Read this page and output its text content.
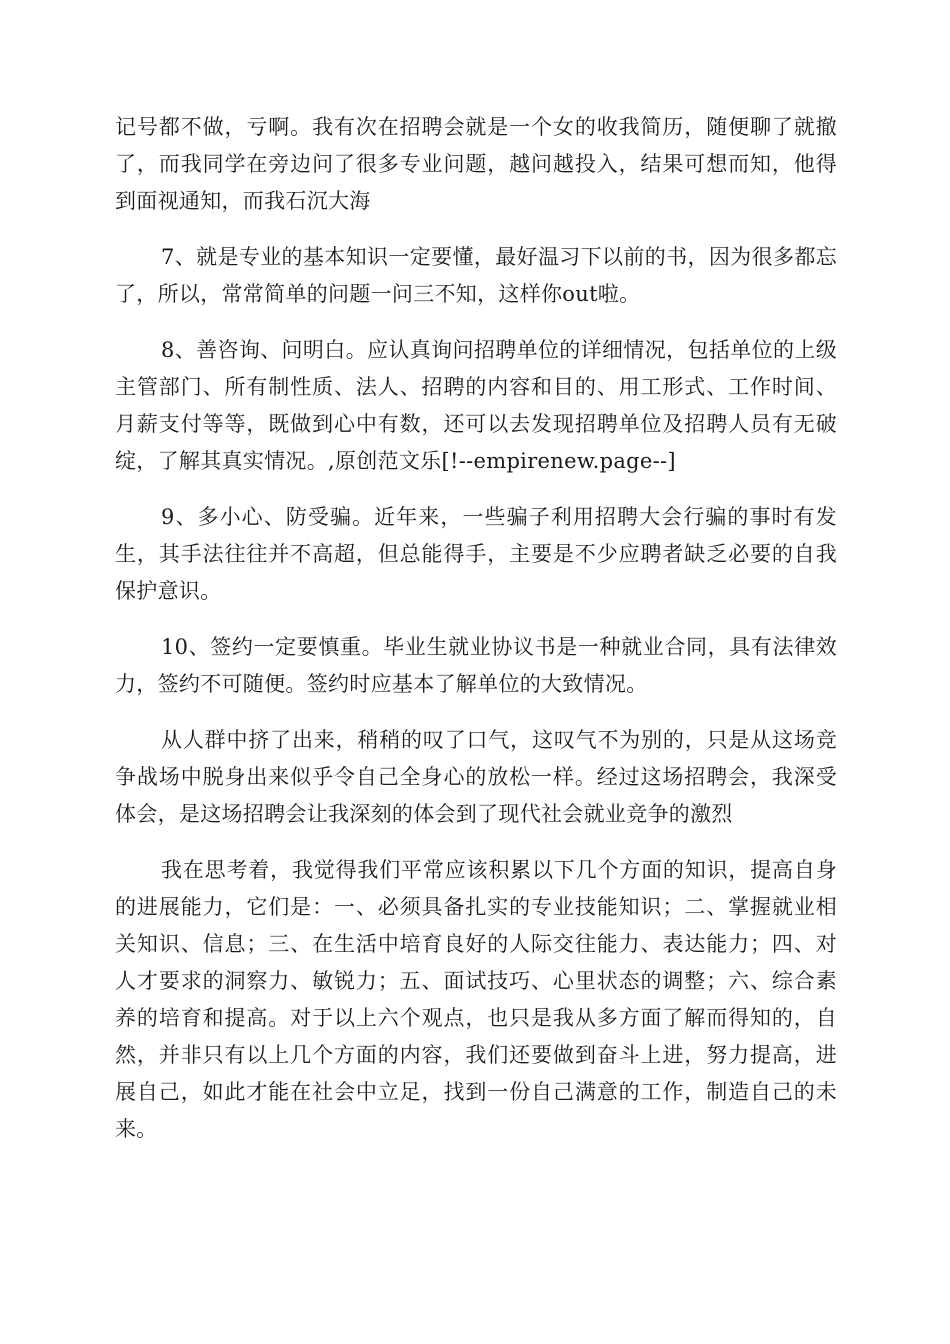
记号都不做，亏啊。我有次在招聘会就是一个女的收我简历，随便聊了就撤了，而我同学在旁边问了很多专业问题，越问越投入，结果可想而知，他得到面视通知，而我石沉大海

7、就是专业的基本知识一定要懂，最好温习下以前的书，因为很多都忘了，所以，常常简单的问题一问三不知，这样你out啦。

8、善咨询、问明白。应认真询问招聘单位的详细情况，包括单位的上级主管部门、所有制性质、法人、招聘的内容和目的、用工形式、工作时间、月薪支付等等，既做到心中有数，还可以去发现招聘单位及招聘人员有无破绽，了解其真实情况。,原创范文乐[!--empirenew.page--]

9、多小心、防受骗。近年来，一些骗子利用招聘大会行骗的事时有发生，其手法往往并不高超，但总能得手，主要是不少应聘者缺乏必要的自我保护意识。

10、签约一定要慎重。毕业生就业协议书是一种就业合同，具有法律效力，签约不可随便。签约时应基本了解单位的大致情况。

从人群中挤了出来，稍稍的叹了口气，这叹气不为别的，只是从这场竞争战场中脱身出来似乎令自己全身心的放松一样。经过这场招聘会，我深受体会，是这场招聘会让我深刻的体会到了现代社会就业竞争的激烈

我在思考着，我觉得我们平常应该积累以下几个方面的知识，提高自身的进展能力，它们是：一、必须具备扎实的专业技能知识；二、掌握就业相关知识、信息；三、在生活中培育良好的人际交往能力、表达能力；四、对人才要求的洞察力、敏锐力；五、面试技巧、心里状态的调整；六、综合素养的培育和提高。对于以上六个观点，也只是我从多方面了解而得知的，自然，并非只有以上几个方面的内容，我们还要做到奋斗上进，努力提高，进展自己，如此才能在社会中立足，找到一份自己满意的工作，制造自己的未来。
